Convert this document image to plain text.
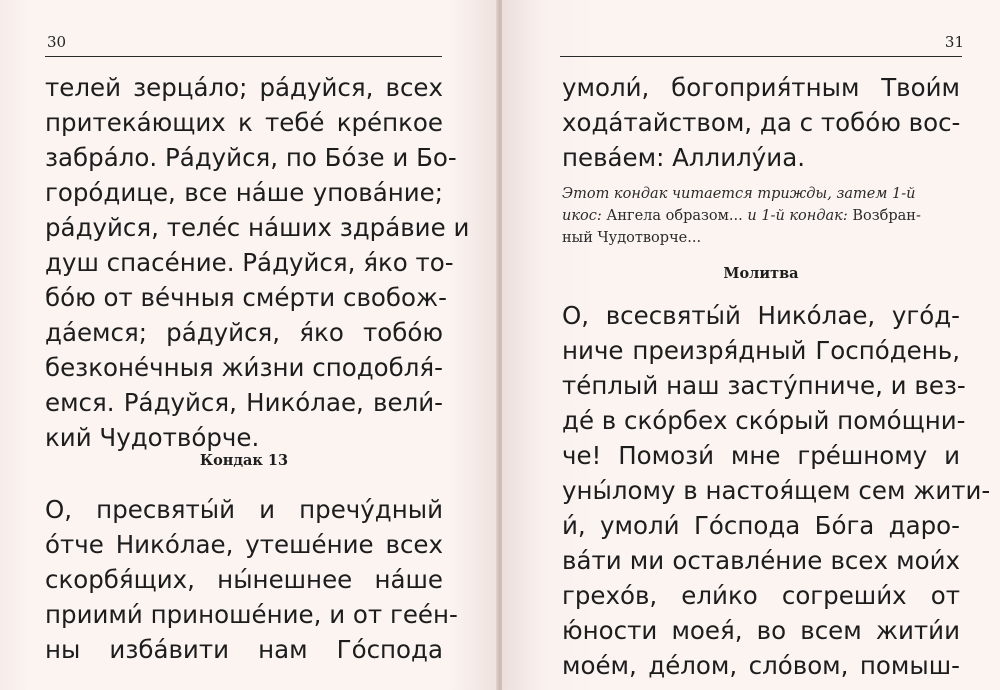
30
телей зерца́ло; ра́дуйся, всех
притека́ющих к тебе́ кре́пкое
забра́ло. Ра́дуйся, по Бо́зе и Бо-
горо́дице, все на́ше упова́ние;
ра́дуйся, теле́с на́ших здра́вие и
душ спасе́ние. Ра́дуйся, я́ко то-
бо́ю от ве́чныя сме́рти свобож-
да́емся; ра́дуйся, я́ко тобо́ю
безконе́чныя жи́зни сподобля́-
емся. Ра́дуйся, Нико́лае, вели́-
кий Чудотво́рче.
Кондак 13
О, пресвяты́й и пречу́дный
о́тче Нико́лае, утеше́ние всех
скорбя́щих, ны́нешнее на́ше
приими́ приноше́ние, и от гее́н-
ны изба́вити нам Го́спода
31
умоли́, богоприя́тным Твои́м
хода́тайством, да с тобо́ю вос-
пева́ем: Аллилу́иа.
Этот кондак читается трижды, затем 1-й
икос: Ангела образом... и 1-й кондак: Возбран-
ный Чудотворче...
Молитва
О, всесвяты́й Нико́лае, уго́д-
ниче преизря́дный Госпо́день,
те́плый наш засту́пниче, и вез-
де́ в ско́рбех ско́рый помо́щни-
че! Помози́ мне гре́шному и
уны́лому в настоя́щем сем жити-
и́, умоли́ Го́спода Бо́га даро-
ва́ти ми оставле́ние всех мои́х
грехо́в, ели́ко согреши́х от
ю́ности моея́, во всем жити́и
мое́м, де́лом, сло́вом, помыш-
